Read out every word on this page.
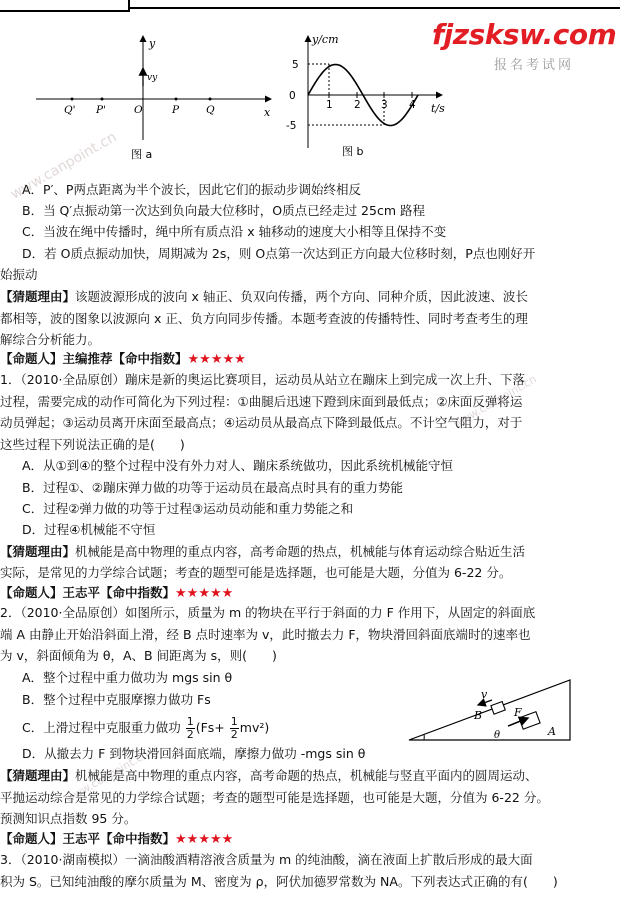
fjzsksw.com
报名考试网
y
x
vy
Q' P'	O	P	Q
图 a
y/cm
t/s
5
0
-5
1 2 3 4
图 b
www.canpoint.cn
www.canpoint.cn
www.canpoint.cn
A．P′、P两点距离为半个波长，因此它们的振动步调始终相反
B．当 Q′点振动第一次达到负向最大位移时，O质点已经走过 25cm 路程
C．当波在绳中传播时，绳中所有质点沿 x 轴移动的速度大小相等且保持不变
D．若 O质点振动加快，周期减为 2s，则 O点第一次达到正方向最大位移时刻，P点也刚好开
始振动
【猜题理由】该题波源形成的波向 x 轴正、负双向传播，两个方向、同种介质，因此波速、波长
都相等，波的图象以波源向 x 正、负方向同步传播。本题考查波的传播特性、同时考查考生的理
解综合分析能力。
【命题人】主编推荐【命中指数】★★★★★
1．（2010·全品原创）蹦床是新的奥运比赛项目，运动员从站立在蹦床上到完成一次上升、下落
过程，需要完成的动作可简化为下列过程：①曲腿后迅速下蹬到床面到最低点；②床面反弹将运
动员弹起；③运动员离开床面至最高点；④运动员从最高点下降到最低点。不计空气阻力，对于
这些过程下列说法正确的是(　　)
A．从①到④的整个过程中没有外力对人、蹦床系统做功，因此系统机械能守恒
B．过程①、②蹦床弹力做的功等于运动员在最高点时具有的重力势能
C．过程②弹力做的功等于过程③运动员动能和重力势能之和
D．过程④机械能不守恒
【猜题理由】机械能是高中物理的重点内容，高考命题的热点，机械能与体育运动综合贴近生活
实际，是常见的力学综合试题；考查的题型可能是选择题，也可能是大题，分值为 6-22 分。
【命题人】王志平【命中指数】★★★★★
2．（2010·全品原创）如图所示，质量为 m 的物块在平行于斜面的力 F 作用下，从固定的斜面底
端 A 由静止开始沿斜面上滑，经 B 点时速率为 v，此时撤去力 F，物块滑回斜面底端时的速率也
为 v，斜面倾角为 θ，A、B 间距离为 s，则(　　)
A．整个过程中重力做功为 mgs sin θ
B．整个过程中克服摩擦力做功 Fs
C．上滑过程中克服重力做功 $\frac{1}{2} (Fs+ \frac{1}{2} mv^2)$
D．从撤去力 F 到物块滑回斜面底端，摩擦力做功 -mgs sin θ
v
F
B
A
θ
【猜题理由】机械能是高中物理的重点内容，高考命题的热点，机械能与竖直平面内的圆周运动、
平抛运动综合是常见的力学综合试题；考查的题型可能是选择题，也可能是大题，分值为 6-22 分。
预测知识点指数 95 分。
【命题人】王志平【命中指数】★★★★★
3．（2010·湖南模拟）一滴油酸酒精溶液含质量为 m 的纯油酸，滴在液面上扩散后形成的最大面
积为 S。已知纯油酸的摩尔质量为 M、密度为 ρ，阿伏加德罗常数为 NA。下列表达式正确的有(　　)
